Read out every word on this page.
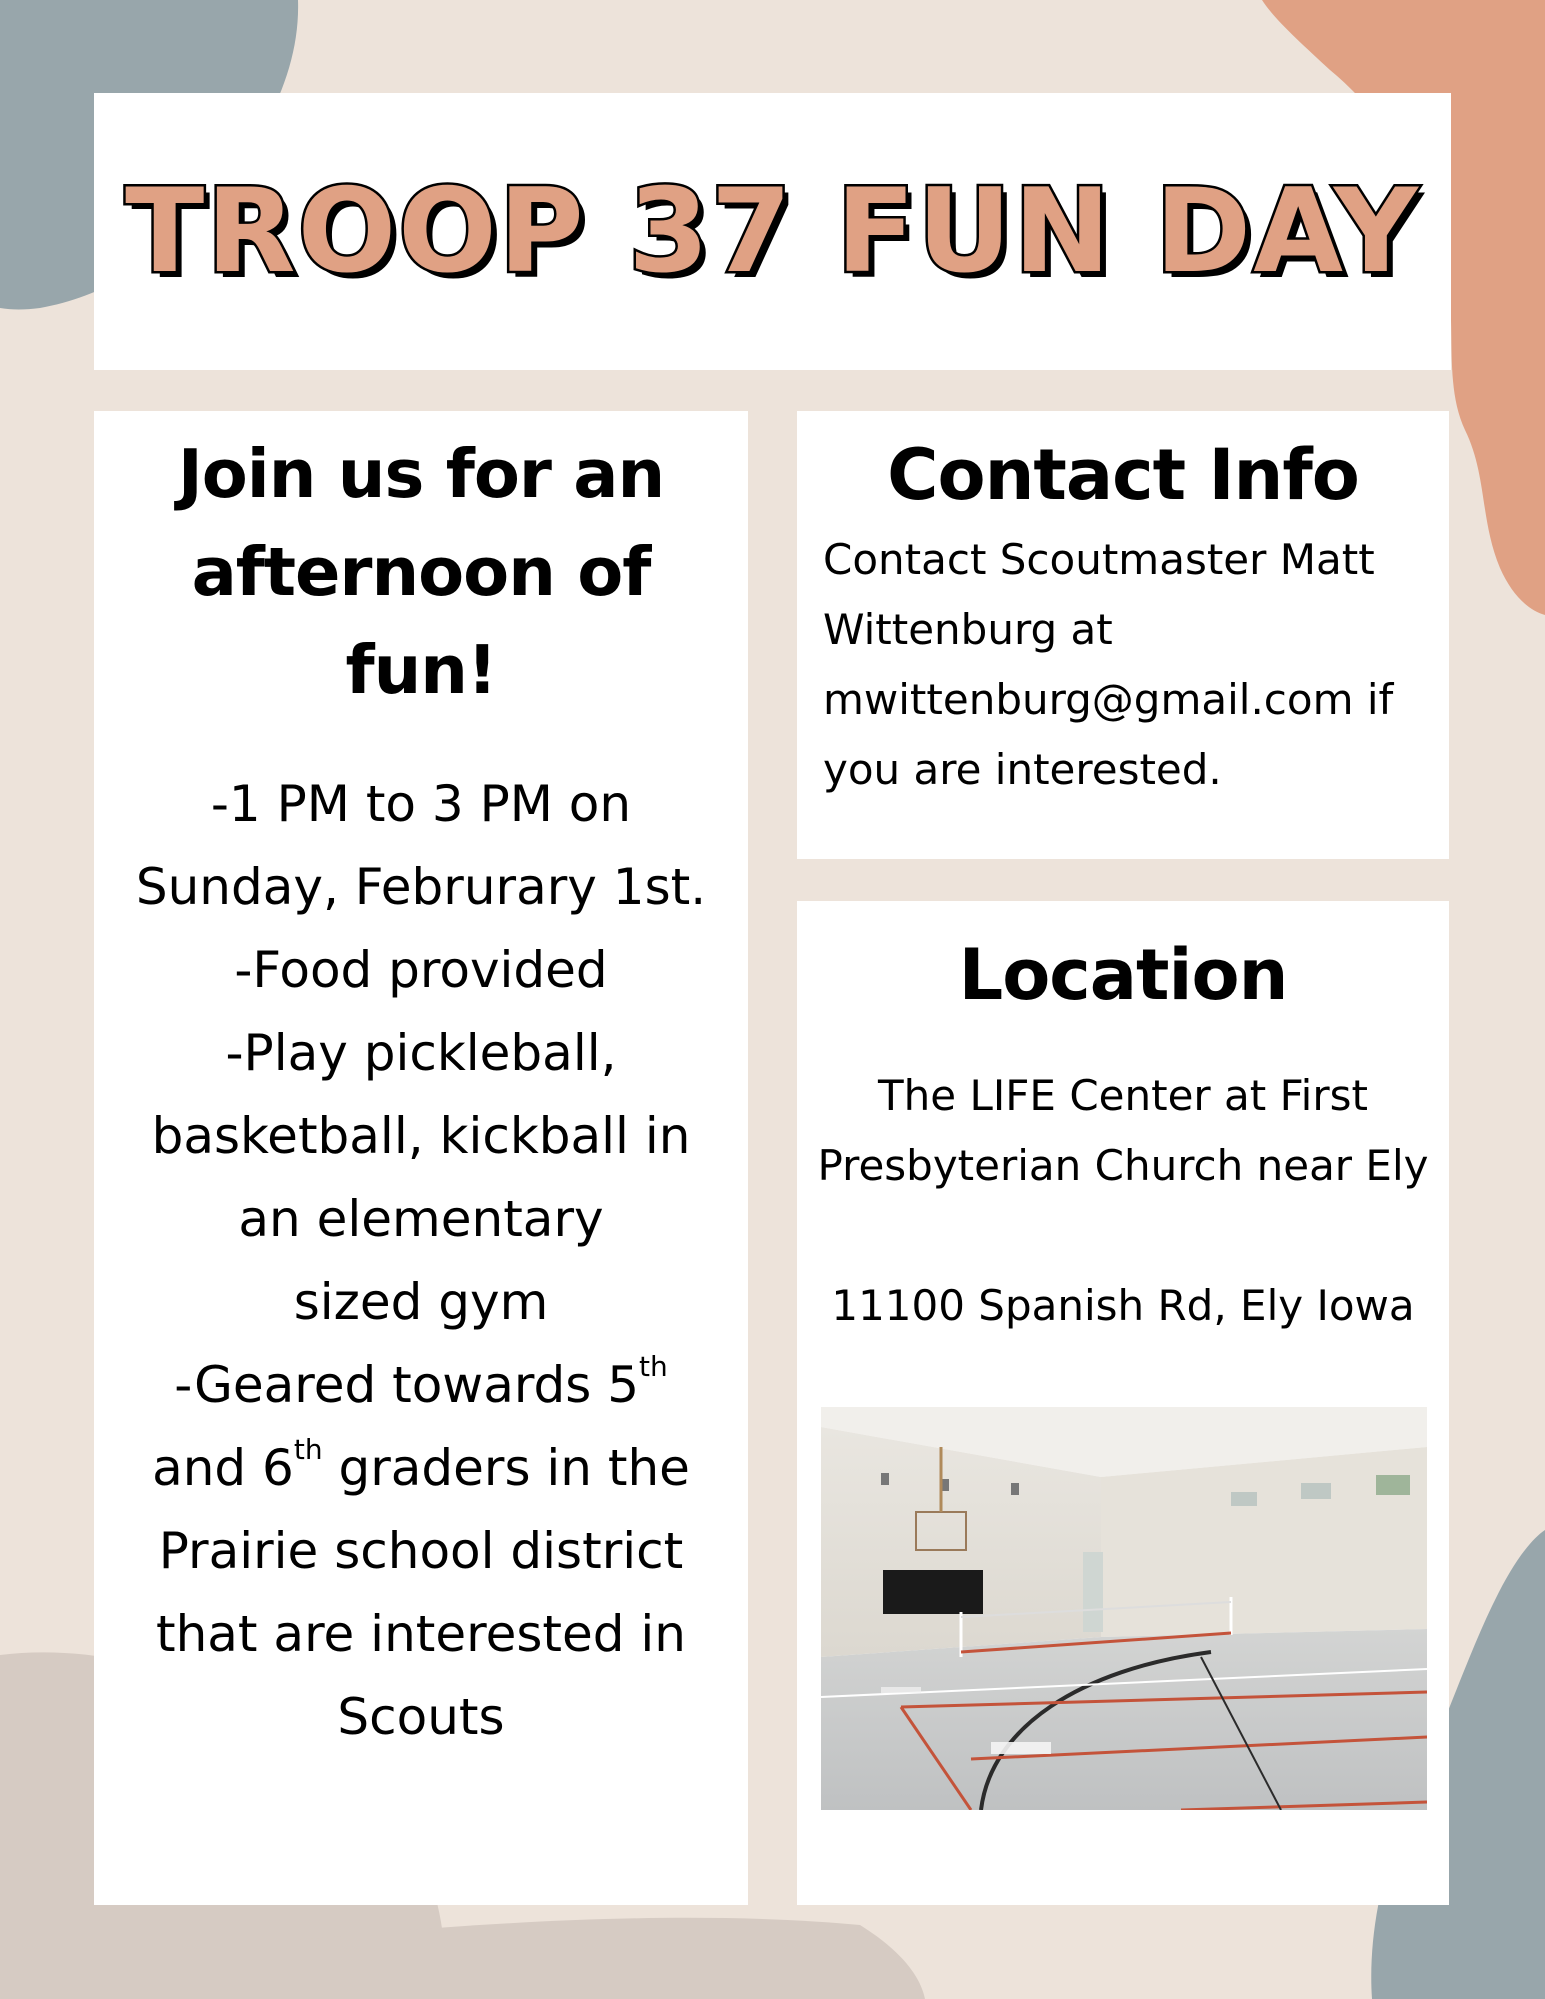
TROOP 37 FUN DAY
Join us for an
afternoon of
fun!
-1 PM to 3 PM on
Sunday, Februrary 1st.
-Food provided
-Play pickleball,
basketball, kickball in
an elementary
sized gym
-Geared towards 5th
and 6th graders in the
Prairie school district
that are interested in
Scouts
Contact Info
Contact Scoutmaster Matt
Wittenburg at
mwittenburg@gmail.com if
you are interested.
Location
The LIFE Center at First
Presbyterian Church near Ely
11100 Spanish Rd, Ely Iowa
